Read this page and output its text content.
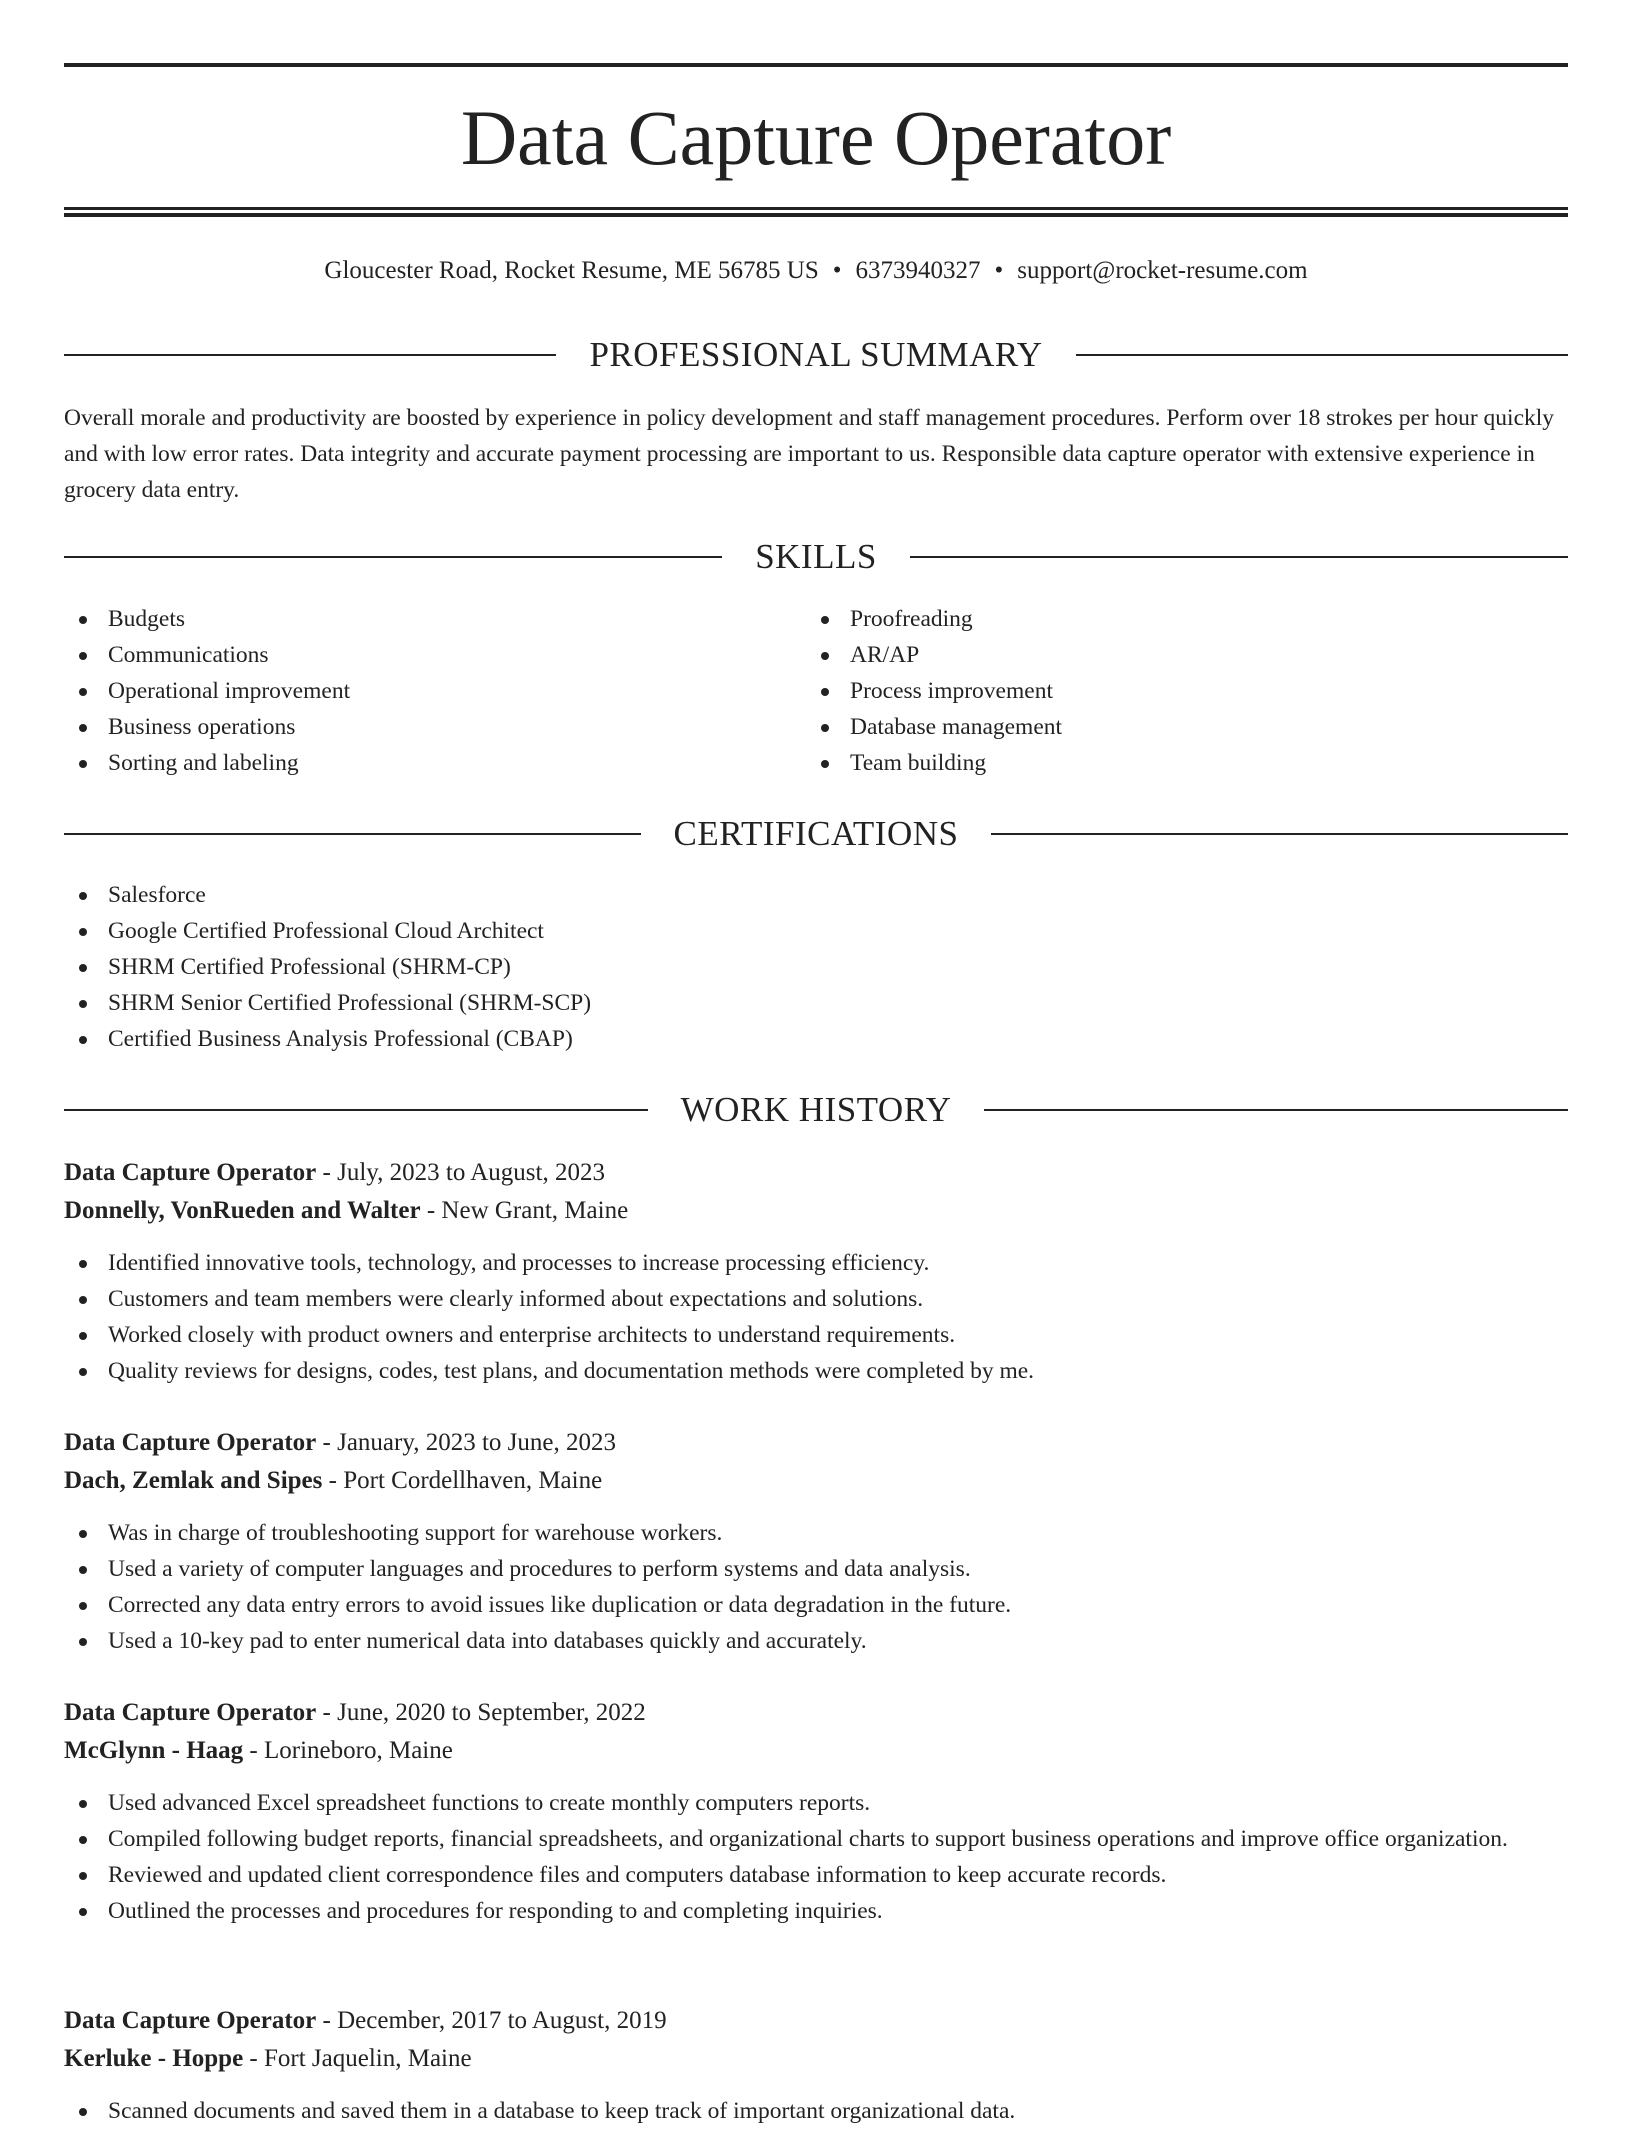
Data Capture Operator
Gloucester Road, Rocket Resume, ME 56785 US • 6373940327 • support@rocket-resume.com
PROFESSIONAL SUMMARY

Overall morale and productivity are boosted by experience in policy development and staff management procedures. Perform over 18 strokes per hour quickly and with low error rates. Data integrity and accurate payment processing are important to us. Responsible data capture operator with extensive experience in grocery data entry.

SKILLS
Budgets
Communications
Operational improvement
Business operations
Sorting and labeling
Proofreading
AR/AP
Process improvement
Database management
Team building
CERTIFICATIONS
Salesforce
Google Certified Professional Cloud Architect
SHRM Certified Professional (SHRM-CP)
SHRM Senior Certified Professional (SHRM-SCP)
Certified Business Analysis Professional (CBAP)
WORK HISTORY
Data Capture Operator - July, 2023 to August, 2023
Donnelly, VonRueden and Walter - New Grant, Maine
Identified innovative tools, technology, and processes to increase processing efficiency.
Customers and team members were clearly informed about expectations and solutions.
Worked closely with product owners and enterprise architects to understand requirements.
Quality reviews for designs, codes, test plans, and documentation methods were completed by me.
Data Capture Operator - January, 2023 to June, 2023
Dach, Zemlak and Sipes - Port Cordellhaven, Maine
Was in charge of troubleshooting support for warehouse workers.
Used a variety of computer languages and procedures to perform systems and data analysis.
Corrected any data entry errors to avoid issues like duplication or data degradation in the future.
Used a 10-key pad to enter numerical data into databases quickly and accurately.
Data Capture Operator - June, 2020 to September, 2022
McGlynn - Haag - Lorineboro, Maine
Used advanced Excel spreadsheet functions to create monthly computers reports.
Compiled following budget reports, financial spreadsheets, and organizational charts to support business operations and improve office organization.
Reviewed and updated client correspondence files and computers database information to keep accurate records.
Outlined the processes and procedures for responding to and completing inquiries.
Data Capture Operator - December, 2017 to August, 2019
Kerluke - Hoppe - Fort Jaquelin, Maine
Scanned documents and saved them in a database to keep track of important organizational data.
